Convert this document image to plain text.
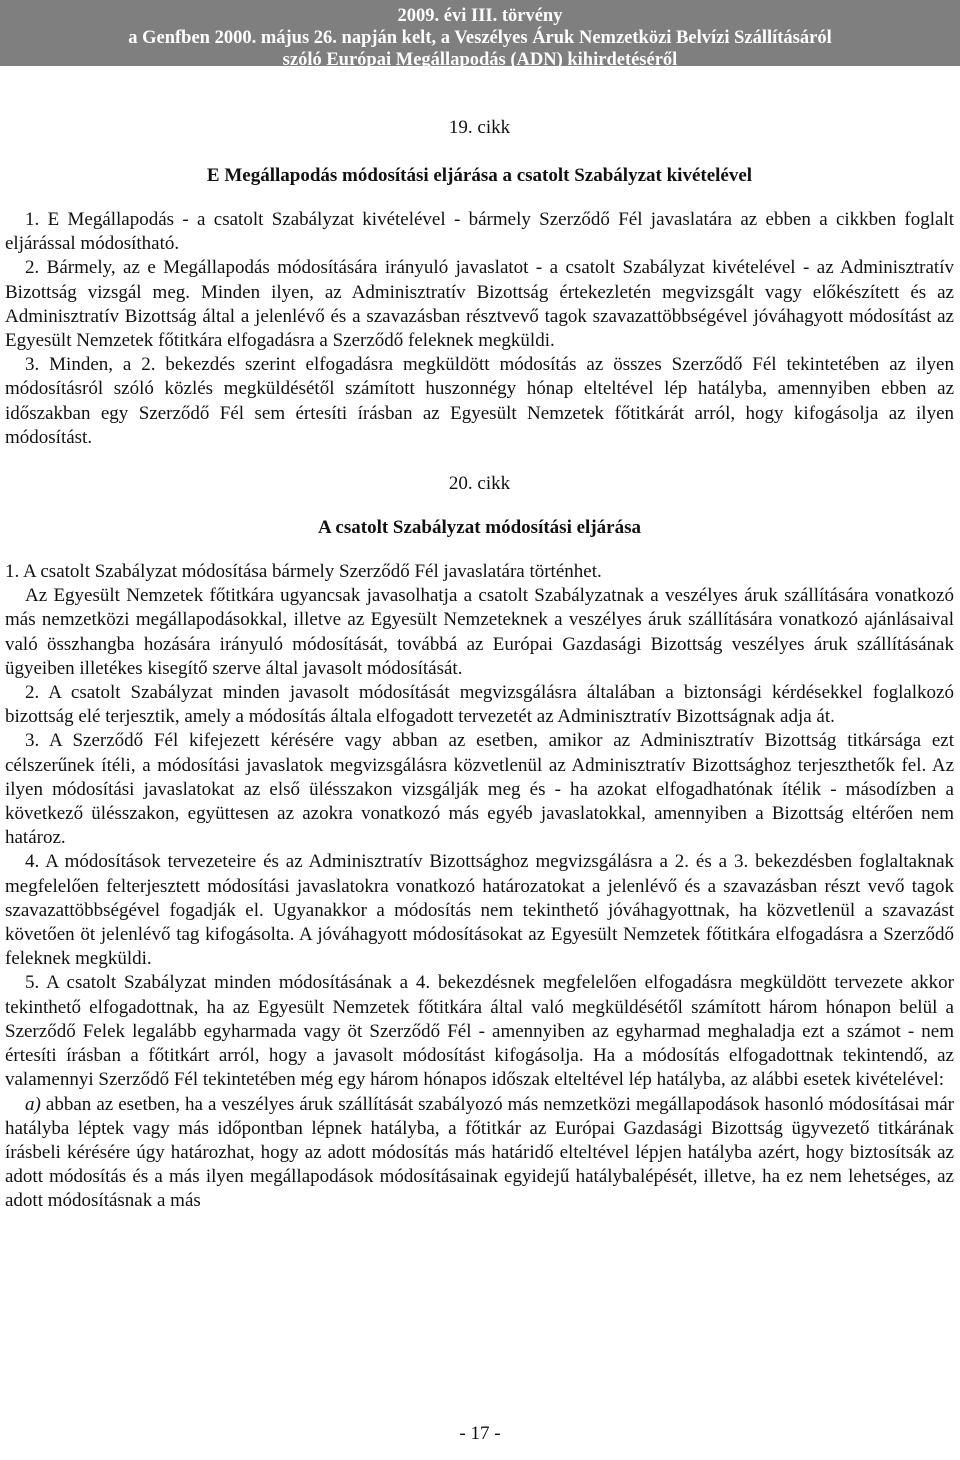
2009. évi III. törvény
a Genfben 2000. május 26. napján kelt, a Veszélyes Áruk Nemzetközi Belvízi Szállításáról
szóló Európai Megállapodás (ADN) kihirdetéséről
19. cikk
E Megállapodás módosítási eljárása a csatolt Szabályzat kivételével

1. E Megállapodás - a csatolt Szabályzat kivételével - bármely Szerződő Fél javaslatára az ebben a cikkben foglalt eljárással módosítható.

2. Bármely, az e Megállapodás módosítására irányuló javaslatot - a csatolt Szabályzat kivételével - az Adminisztratív Bizottság vizsgál meg. Minden ilyen, az Adminisztratív Bizottság értekezletén megvizsgált vagy előkészített és az Adminisztratív Bizottság által a jelenlévő és a szavazásban résztvevő tagok szavazattöbbségével jóváhagyott módosítást az Egyesült Nemzetek főtitkára elfogadásra a Szerződő feleknek megküldi.

3. Minden, a 2. bekezdés szerint elfogadásra megküldött módosítás az összes Szerződő Fél tekintetében az ilyen módosításról szóló közlés megküldésétől számított huszonnégy hónap elteltével lép hatályba, amennyiben ebben az időszakban egy Szerződő Fél sem értesíti írásban az Egyesült Nemzetek főtitkárát arról, hogy kifogásolja az ilyen módosítást.

20. cikk
A csatolt Szabályzat módosítási eljárása

1. A csatolt Szabályzat módosítása bármely Szerződő Fél javaslatára történhet.

Az Egyesült Nemzetek főtitkára ugyancsak javasolhatja a csatolt Szabályzatnak a veszélyes áruk szállítására vonatkozó más nemzetközi megállapodásokkal, illetve az Egyesült Nemzeteknek a veszélyes áruk szállítására vonatkozó ajánlásaival való összhangba hozására irányuló módosítását, továbbá az Európai Gazdasági Bizottság veszélyes áruk szállításának ügyeiben illetékes kisegítő szerve által javasolt módosítását.

2. A csatolt Szabályzat minden javasolt módosítását megvizsgálásra általában a biztonsági kérdésekkel foglalkozó bizottság elé terjesztik, amely a módosítás általa elfogadott tervezetét az Adminisztratív Bizottságnak adja át.

3. A Szerződő Fél kifejezett kérésére vagy abban az esetben, amikor az Adminisztratív Bizottság titkársága ezt célszerűnek ítéli, a módosítási javaslatok megvizsgálásra közvetlenül az Adminisztratív Bizottsághoz terjeszthetők fel. Az ilyen módosítási javaslatokat az első ülésszakon vizsgálják meg és - ha azokat elfogadhatónak ítélik - másodízben a következő ülésszakon, együttesen az azokra vonatkozó más egyéb javaslatokkal, amennyiben a Bizottság eltérően nem határoz.

4. A módosítások tervezeteire és az Adminisztratív Bizottsághoz megvizsgálásra a 2. és a 3. bekezdésben foglaltaknak megfelelően felterjesztett módosítási javaslatokra vonatkozó határozatokat a jelenlévő és a szavazásban részt vevő tagok szavazattöbbségével fogadják el. Ugyanakkor a módosítás nem tekinthető jóváhagyottnak, ha közvetlenül a szavazást követően öt jelenlévő tag kifogásolta. A jóváhagyott módosításokat az Egyesült Nemzetek főtitkára elfogadásra a Szerződő feleknek megküldi.

5. A csatolt Szabályzat minden módosításának a 4. bekezdésnek megfelelően elfogadásra megküldött tervezete akkor tekinthető elfogadottnak, ha az Egyesült Nemzetek főtitkára által való megküldésétől számított három hónapon belül a Szerződő Felek legalább egyharmada vagy öt Szerződő Fél - amennyiben az egyharmad meghaladja ezt a számot - nem értesíti írásban a főtitkárt arról, hogy a javasolt módosítást kifogásolja. Ha a módosítás elfogadottnak tekintendő, az valamennyi Szerződő Fél tekintetében még egy három hónapos időszak elteltével lép hatályba, az alábbi esetek kivételével:

a) abban az esetben, ha a veszélyes áruk szállítását szabályozó más nemzetközi megállapodások hasonló módosításai már hatályba léptek vagy más időpontban lépnek hatályba, a főtitkár az Európai Gazdasági Bizottság ügyvezető titkárának írásbeli kérésére úgy határozhat, hogy az adott módosítás más határidő elteltével lépjen hatályba azért, hogy biztosítsák az adott módosítás és a más ilyen megállapodások módosításainak egyidejű hatálybalépését, illetve, ha ez nem lehetséges, az adott módosításnak a más

- 17 -
